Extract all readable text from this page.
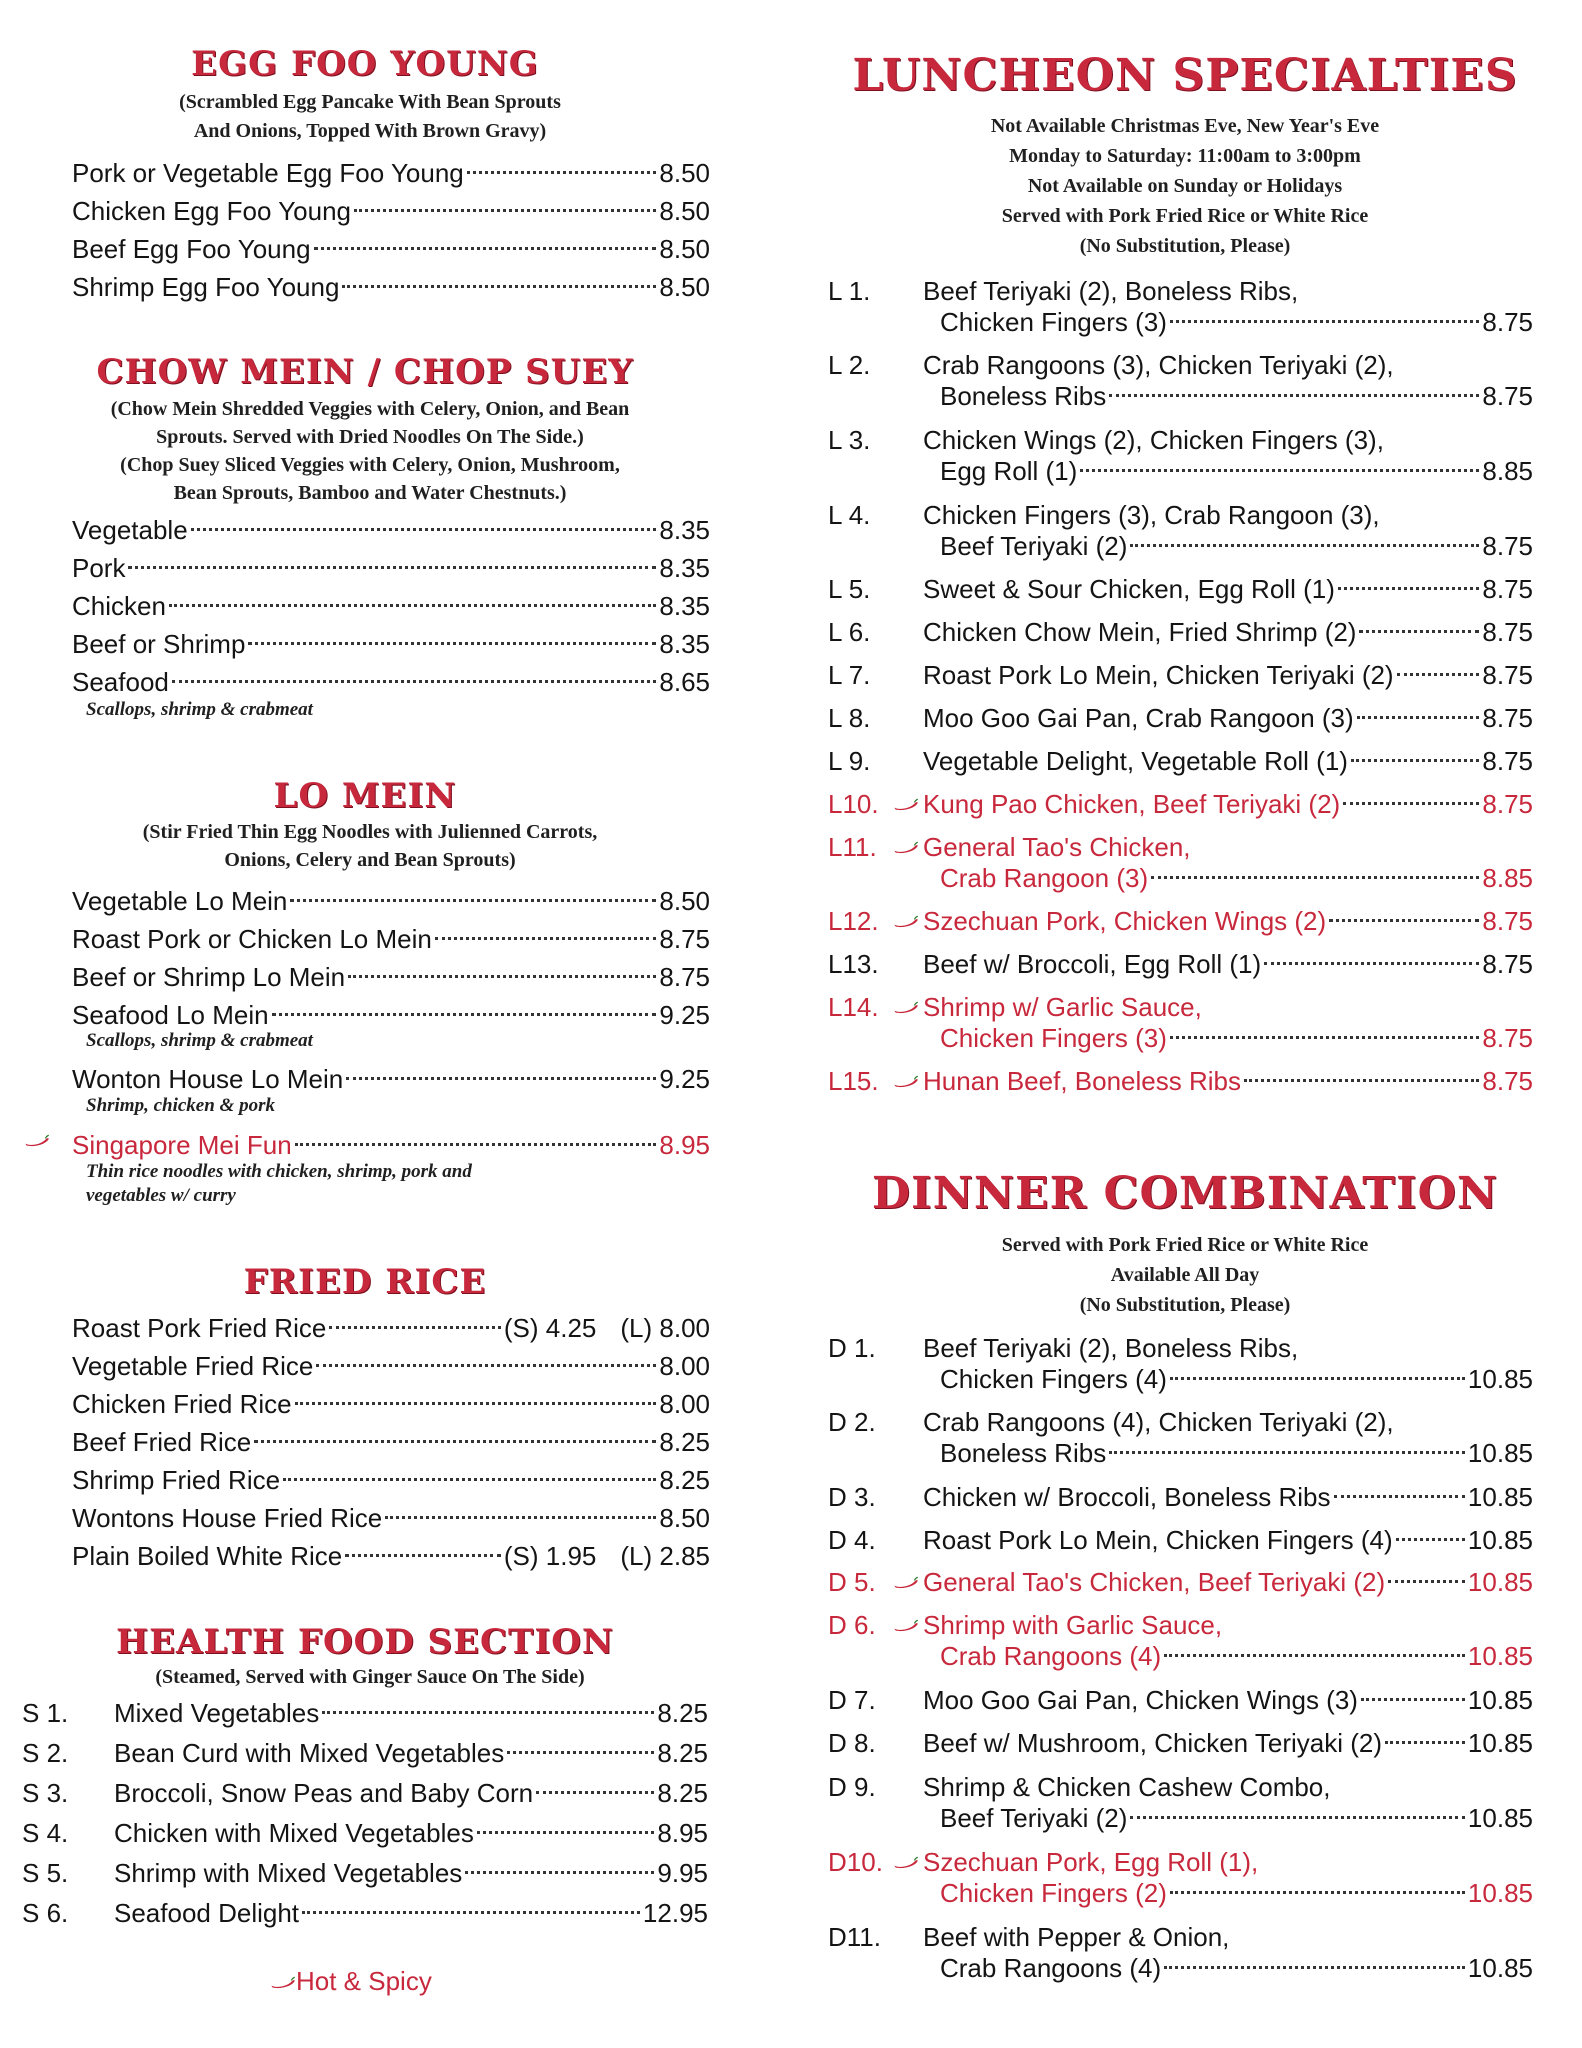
EGG FOO YOUNG
(Scrambled Egg Pancake With Bean Sprouts
And Onions, Topped With Brown Gravy)
Pork or Vegetable Egg Foo Young	8.50
Chicken Egg Foo Young	8.50
Beef Egg Foo Young	8.50
Shrimp Egg Foo Young	8.50
CHOW MEIN / CHOP SUEY
(Chow Mein Shredded Veggies with Celery, Onion, and Bean
Sprouts. Served with Dried Noodles On The Side.)
(Chop Suey Sliced Veggies with Celery, Onion, Mushroom,
Bean Sprouts, Bamboo and Water Chestnuts.)
Vegetable	8.35
Pork	8.35
Chicken	8.35
Beef or Shrimp	8.35
Seafood	8.65
Scallops, shrimp & crabmeat
LO MEIN
(Stir Fried Thin Egg Noodles with Julienned Carrots,
Onions, Celery and Bean Sprouts)
Vegetable Lo Mein	8.50
Roast Pork or Chicken Lo Mein	8.75
Beef or Shrimp Lo Mein	8.75
Seafood Lo Mein	9.25
Scallops, shrimp & crabmeat
Wonton House Lo Mein	9.25
Shrimp, chicken & pork
Singapore Mei Fun	8.95
Thin rice noodles with chicken, shrimp, pork and
vegetables w/ curry
FRIED RICE
Roast Pork Fried Rice	(S) 4.25 (L) 8.00
Vegetable Fried Rice	8.00
Chicken Fried Rice	8.00
Beef Fried Rice	8.25
Shrimp Fried Rice	8.25
Wontons House Fried Rice	8.50
Plain Boiled White Rice	(S) 1.95 (L) 2.85
HEALTH FOOD SECTION
(Steamed, Served with Ginger Sauce On The Side)
S 1.	Mixed Vegetables	8.25
S 2.	Bean Curd with Mixed Vegetables	8.25
S 3.	Broccoli, Snow Peas and Baby Corn	8.25
S 4.	Chicken with Mixed Vegetables	8.95
S 5.	Shrimp with Mixed Vegetables	9.95
S 6.	Seafood Delight	12.95
Hot & Spicy
LUNCHEON SPECIALTIES
Not Available Christmas Eve, New Year's Eve
Monday to Saturday: 11:00am to 3:00pm
Not Available on Sunday or Holidays
Served with Pork Fried Rice or White Rice
(No Substitution, Please)
L 1.	Beef Teriyaki (2), Boneless Ribs,
Chicken Fingers (3)	8.75
L 2.	Crab Rangoons (3), Chicken Teriyaki (2),
Boneless Ribs	8.75
L 3.	Chicken Wings (2), Chicken Fingers (3),
Egg Roll (1)	8.85
L 4.	Chicken Fingers (3), Crab Rangoon (3),
Beef Teriyaki (2)	8.75
L 5.	Sweet & Sour Chicken, Egg Roll (1)	8.75
L 6.	Chicken Chow Mein, Fried Shrimp (2)	8.75
L 7.	Roast Pork Lo Mein, Chicken Teriyaki (2)	8.75
L 8.	Moo Goo Gai Pan, Crab Rangoon (3)	8.75
L 9.	Vegetable Delight, Vegetable Roll (1)	8.75
L10.	Kung Pao Chicken, Beef Teriyaki (2)	8.75
L11.	General Tao's Chicken,
Crab Rangoon (3)	8.85
L12.	Szechuan Pork, Chicken Wings (2)	8.75
L13.	Beef w/ Broccoli, Egg Roll (1)	8.75
L14.	Shrimp w/ Garlic Sauce,
Chicken Fingers (3)	8.75
L15.	Hunan Beef, Boneless Ribs	8.75
DINNER COMBINATION
Served with Pork Fried Rice or White Rice
Available All Day
(No Substitution, Please)
D 1.	Beef Teriyaki (2), Boneless Ribs,
Chicken Fingers (4)	10.85
D 2.	Crab Rangoons (4), Chicken Teriyaki (2),
Boneless Ribs	10.85
D 3.	Chicken w/ Broccoli, Boneless Ribs	10.85
D 4.	Roast Pork Lo Mein, Chicken Fingers (4)	10.85
D 5.	General Tao's Chicken, Beef Teriyaki (2)	10.85
D 6.	Shrimp with Garlic Sauce,
Crab Rangoons (4)	10.85
D 7.	Moo Goo Gai Pan, Chicken Wings (3)	10.85
D 8.	Beef w/ Mushroom, Chicken Teriyaki (2)	10.85
D 9.	Shrimp & Chicken Cashew Combo,
Beef Teriyaki (2)	10.85
D10.	Szechuan Pork, Egg Roll (1),
Chicken Fingers (2)	10.85
D11.	Beef with Pepper & Onion,
Crab Rangoons (4)	10.85
